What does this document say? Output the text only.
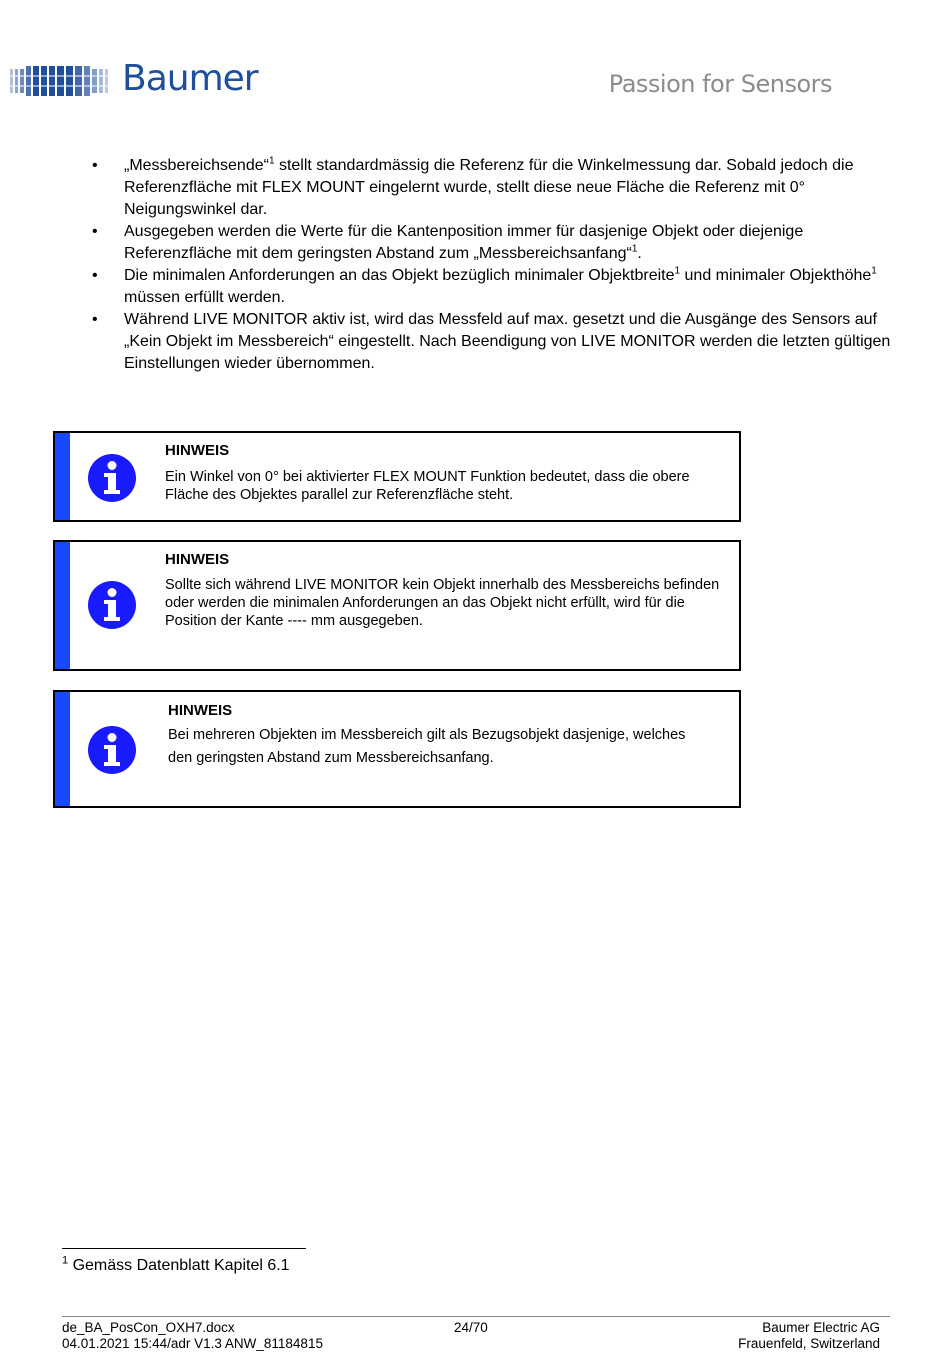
Baumer	Passion for Sensors
• „Messbereichsende“$^1$ stellt standardmässig die Referenz für die Winkelmessung dar. Sobald jedoch die Referenzfläche mit FLEX MOUNT eingelernt wurde, stellt diese neue Fläche die Referenz mit 0° Neigungswinkel dar.
• Ausgegeben werden die Werte für die Kantenposition immer für dasjenige Objekt oder diejenige Referenzfläche mit dem geringsten Abstand zum „Messbereichsanfang“$^1$.
• Die minimalen Anforderungen an das Objekt bezüglich minimaler Objektbreite$^1$ und minimaler Objekthöhe$^1$ müssen erfüllt werden.
• Während LIVE MONITOR aktiv ist, wird das Messfeld auf max. gesetzt und die Ausgänge des Sensors auf „Kein Objekt im Messbereich“ eingestellt. Nach Beendigung von LIVE MONITOR werden die letzten gültigen Einstellungen wieder übernommen.
HINWEIS
Ein Winkel von 0° bei aktivierter FLEX MOUNT Funktion bedeutet, dass die obere Fläche des Objektes parallel zur Referenzfläche steht.
HINWEIS
Sollte sich während LIVE MONITOR kein Objekt innerhalb des Messbereichs befinden oder werden die minimalen Anforderungen an das Objekt nicht erfüllt, wird für die Position der Kante ---- mm ausgegeben.
HINWEIS
Bei mehreren Objekten im Messbereich gilt als Bezugsobjekt dasjenige, welches den geringsten Abstand zum Messbereichsanfang.
$^1$ Gemäss Datenblatt Kapitel 6.1
de_BA_PosCon_OXH7.docx
04.01.2021 15:44/adr V1.3 ANW_81184815
24/70	Baumer Electric AG
Frauenfeld, Switzerland
